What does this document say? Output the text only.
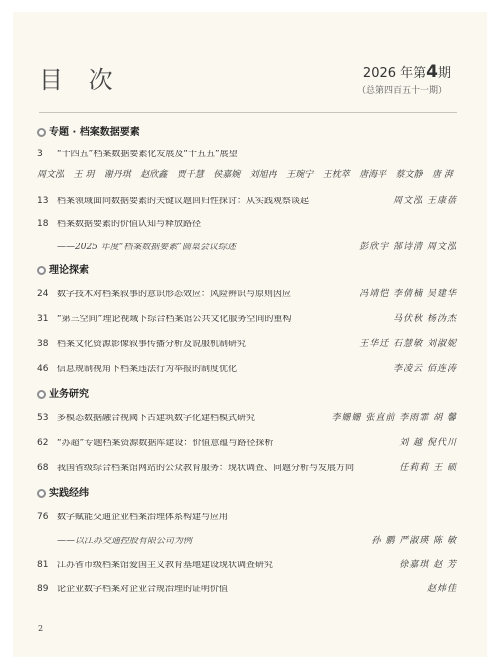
目 次	2026 年第4期
（总第四百五十一期）
专题 · 档案数据要素
3	“十四五”档案数据要素化发展及“十五五”展望
周文泓 王 玥 谢丹琪 赵欣鑫 贾千慧 侯嘉婉 刘旭冉 王琬宁 王枕萃 唐海平 蔡文静 唐 湃
13 档案领域面向数据要素的关键议题回归性探讨：从实践观察谈起	周文泓 王康蓓
18 档案数据要素的价值认知与释放路径
——2025 年度“档案数据要素”圆桌会议综述	彭欣宇 郜诗清 周文泓
理论探索
24 数字技术对档案叙事的意识形态效应：风险辨识与原则因应	冯靖恺 李倩楠 吴建华
31 “第三空间”理论视域下综合档案馆公共文化服务空间的重构	马伏秋 杨沩杰
38 档案文化资源影像叙事传播分析及说服机制研究	王华迁 石慧敏 刘淑妮
46 信息规制视角下档案违法行为举报的制度优化	李凌云 佰连涛
业务研究
53 多模态数据融合视阈下古建筑数字化建档模式研究	李姗姗 张直前 李雨霏 胡 馨
62 “苏超”专题档案资源数据库建设：价值意蕴与路径探析	刘 越 倪代川
68 我国省级综合档案馆网站的公众教育服务：现状调查、问题分析与发展方向	任莉莉 王 硕
实践经纬
76 数字赋能交通企业档案治理体系构建与应用
——以江苏交通控股有限公司为例	孙 鹏 严淑瑛 陈 敏
81 江苏省市级档案馆爱国主义教育基地建设现状调查研究	徐嘉琪 赵 芳
89 论企业数字档案对企业合规治理的证明价值	赵炜佳
2
